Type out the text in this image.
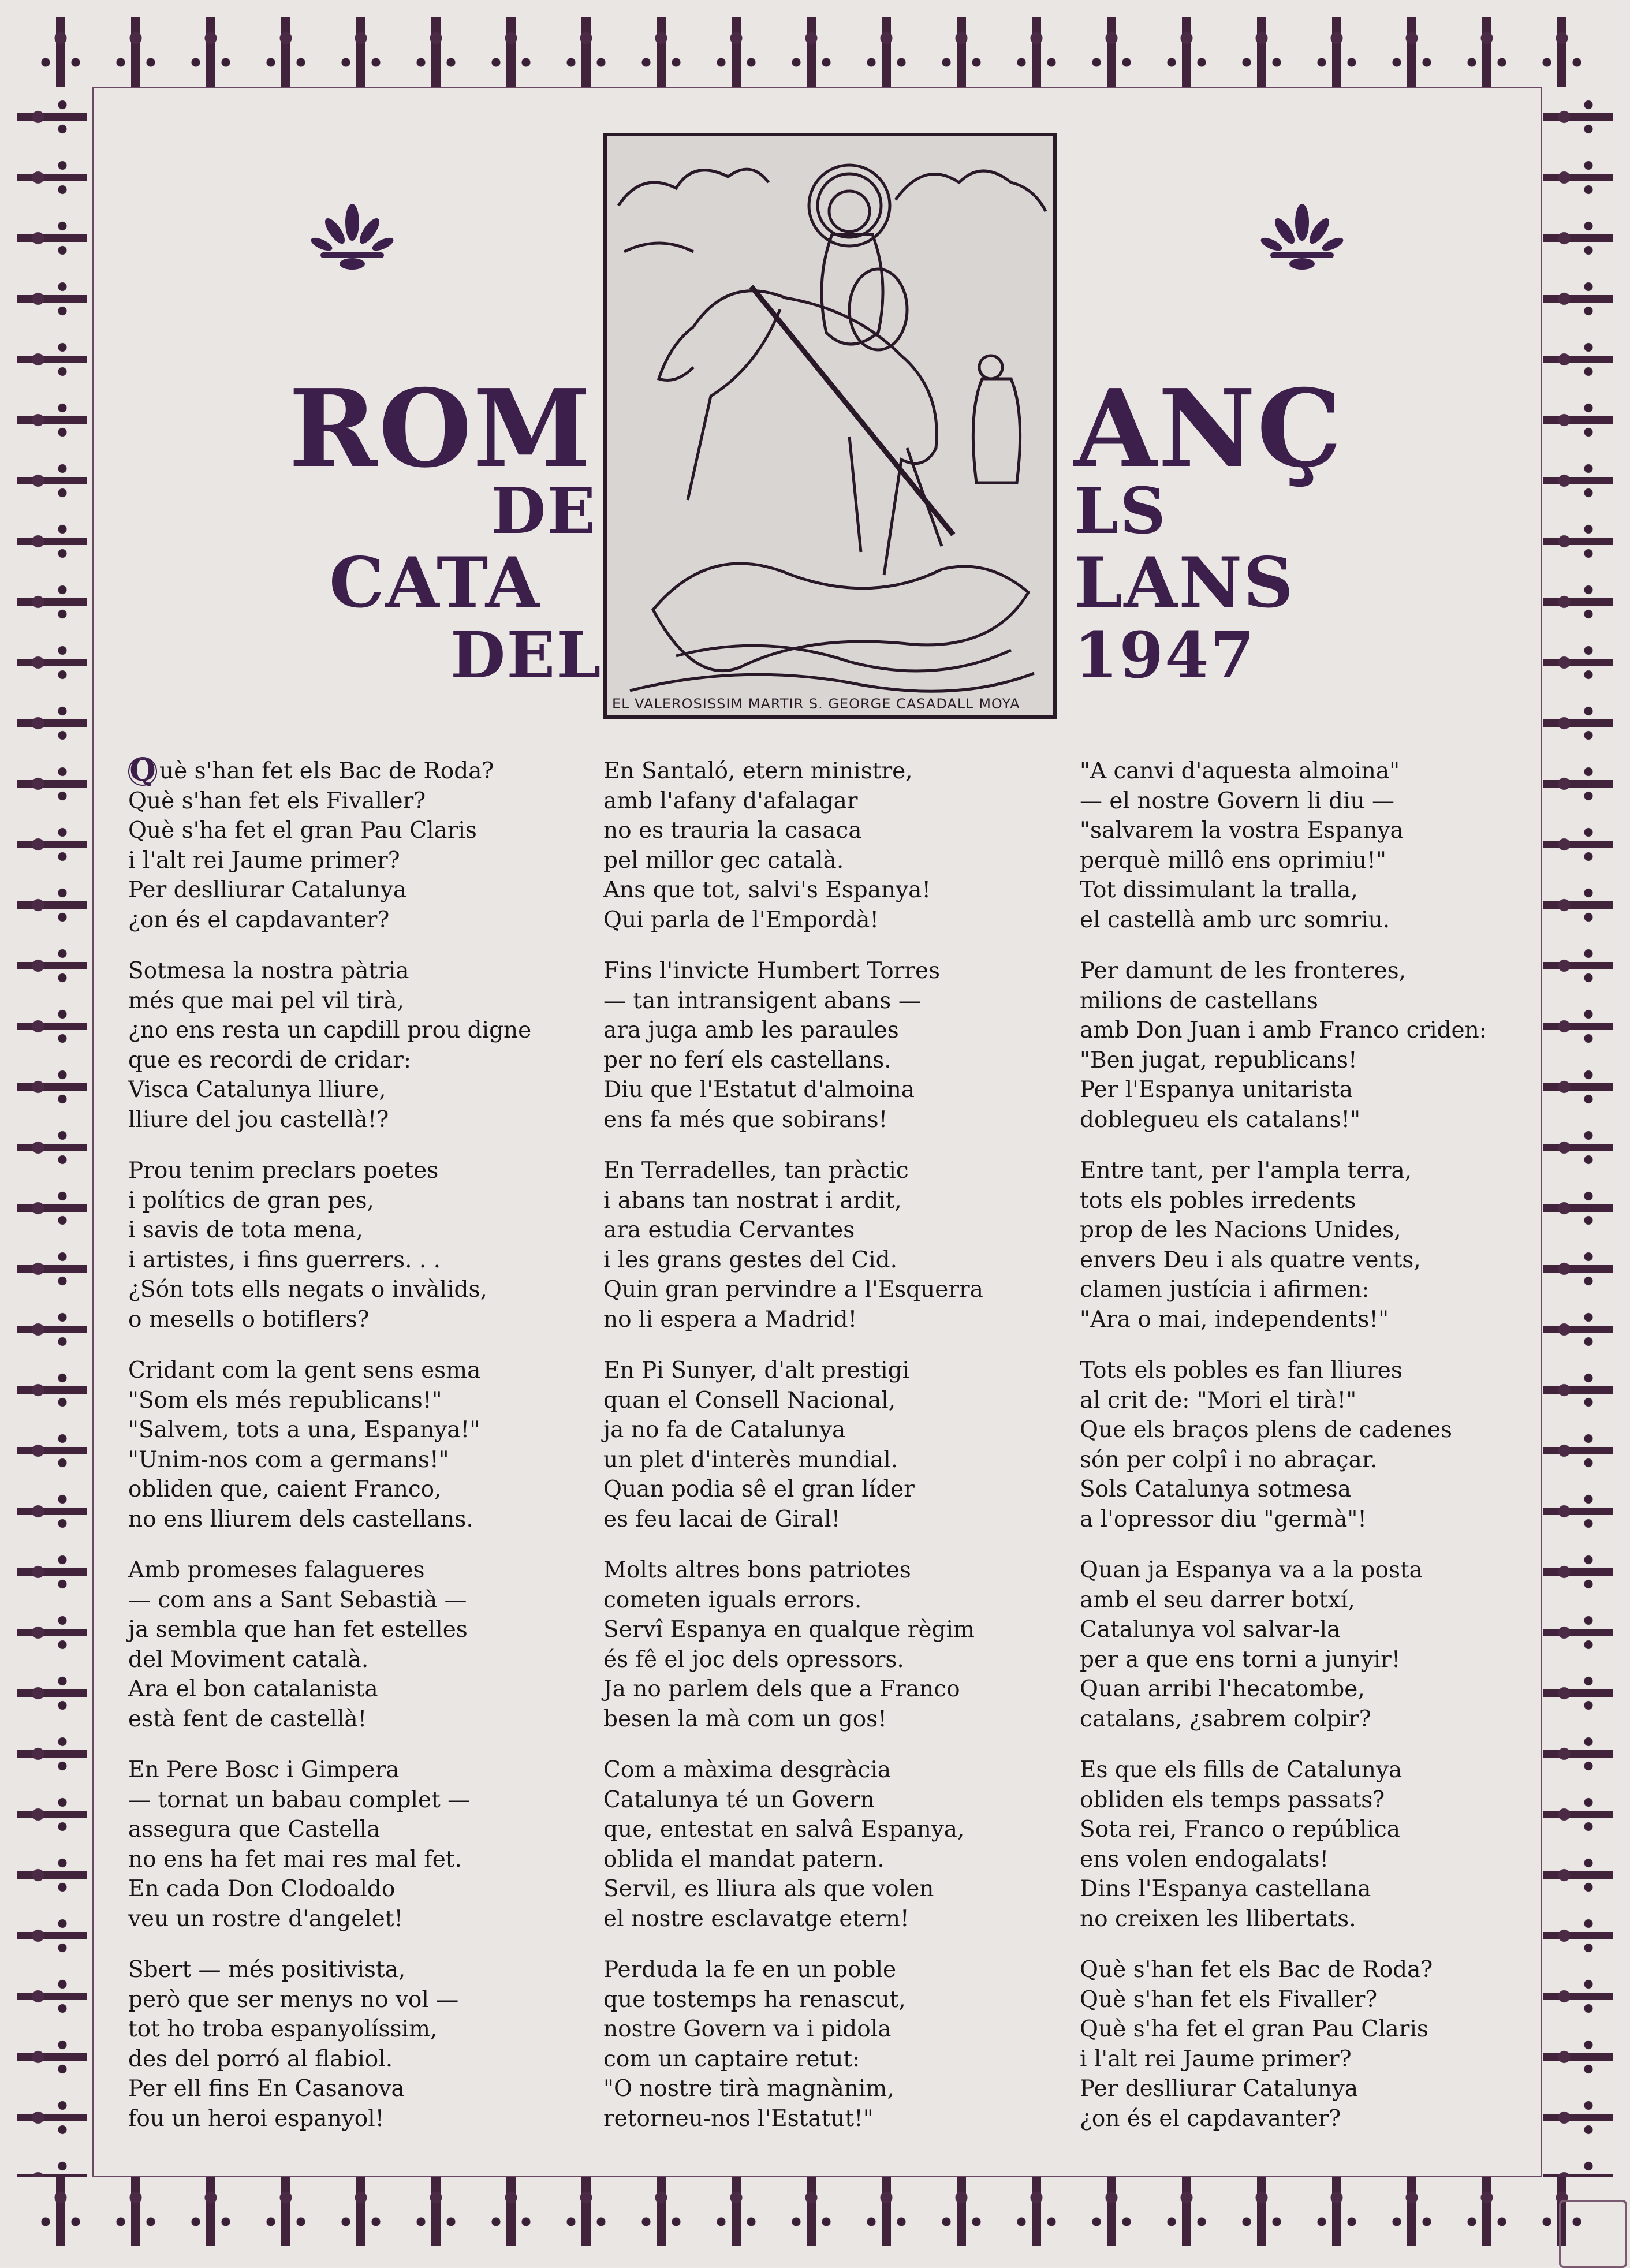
EL VALEROSISSIM MARTIR S. GEORGE CASADALL MOYA
ROM	ANÇ
DE	LS
CATA	LANS
DEL	1947
Q uè s'han fet els Bac de Roda?
Què s'han fet els Fivaller?
Què s'ha fet el gran Pau Claris
i l'alt rei Jaume primer?
Per deslliurar Catalunya
¿on és el capdavanter?
Sotmesa la nostra pàtria
més que mai pel vil tirà,
¿no ens resta un capdill prou digne
que es recordi de cridar:
Visca Catalunya lliure,
lliure del jou castellà!?
Prou tenim preclars poetes
i polítics de gran pes,
i savis de tota mena,
i artistes, i fins guerrers. . .
¿Són tots ells negats o invàlids,
o mesells o botiflers?
Cridant com la gent sens esma
"Som els més republicans!"
"Salvem, tots a una, Espanya!"
"Unim-nos com a germans!"
obliden que, caient Franco,
no ens lliurem dels castellans.
Amb promeses falagueres
— com ans a Sant Sebastià —
ja sembla que han fet estelles
del Moviment català.
Ara el bon catalanista
està fent de castellà!
En Pere Bosc i Gimpera
— tornat un babau complet —
assegura que Castella
no ens ha fet mai res mal fet.
En cada Don Clodoaldo
veu un rostre d'angelet!
Sbert — més positivista,
però que ser menys no vol —
tot ho troba espanyolíssim,
des del porró al flabiol.
Per ell fins En Casanova
fou un heroi espanyol!
En Santaló, etern ministre,
amb l'afany d'afalagar
no es trauria la casaca
pel millor gec català.
Ans que tot, salvi's Espanya!
Qui parla de l'Empordà!
Fins l'invicte Humbert Torres
— tan intransigent abans —
ara juga amb les paraules
per no ferí els castellans.
Diu que l'Estatut d'almoina
ens fa més que sobirans!
En Terradelles, tan pràctic
i abans tan nostrat i ardit,
ara estudia Cervantes
i les grans gestes del Cid.
Quin gran pervindre a l'Esquerra
no li espera a Madrid!
En Pi Sunyer, d'alt prestigi
quan el Consell Nacional,
ja no fa de Catalunya
un plet d'interès mundial.
Quan podia sê el gran líder
es feu lacai de Giral!
Molts altres bons patriotes
cometen iguals errors.
Servî Espanya en qualque règim
és fê el joc dels opressors.
Ja no parlem dels que a Franco
besen la mà com un gos!
Com a màxima desgràcia
Catalunya té un Govern
que, entestat en salvâ Espanya,
oblida el mandat patern.
Servil, es lliura als que volen
el nostre esclavatge etern!
Perduda la fe en un poble
que tostemps ha renascut,
nostre Govern va i pidola
com un captaire retut:
"O nostre tirà magnànim,
retorneu-nos l'Estatut!"
"A canvi d'aquesta almoina"
— el nostre Govern li diu —
"salvarem la vostra Espanya
perquè millô ens oprimiu!"
Tot dissimulant la tralla,
el castellà amb urc somriu.
Per damunt de les fronteres,
milions de castellans
amb Don Juan i amb Franco criden:
"Ben jugat, republicans!
Per l'Espanya unitarista
doblegueu els catalans!"
Entre tant, per l'ampla terra,
tots els pobles irredents
prop de les Nacions Unides,
envers Deu i als quatre vents,
clamen justícia i afirmen:
"Ara o mai, independents!"
Tots els pobles es fan lliures
al crit de: "Mori el tirà!"
Que els braços plens de cadenes
són per colpî i no abraçar.
Sols Catalunya sotmesa
a l'opressor diu "germà"!
Quan ja Espanya va a la posta
amb el seu darrer botxí,
Catalunya vol salvar-la
per a que ens torni a junyir!
Quan arribi l'hecatombe,
catalans, ¿sabrem colpir?
Es que els fills de Catalunya
obliden els temps passats?
Sota rei, Franco o república
ens volen endogalats!
Dins l'Espanya castellana
no creixen les llibertats.
Què s'han fet els Bac de Roda?
Què s'han fet els Fivaller?
Què s'ha fet el gran Pau Claris
i l'alt rei Jaume primer?
Per deslliurar Catalunya
¿on és el capdavanter?
